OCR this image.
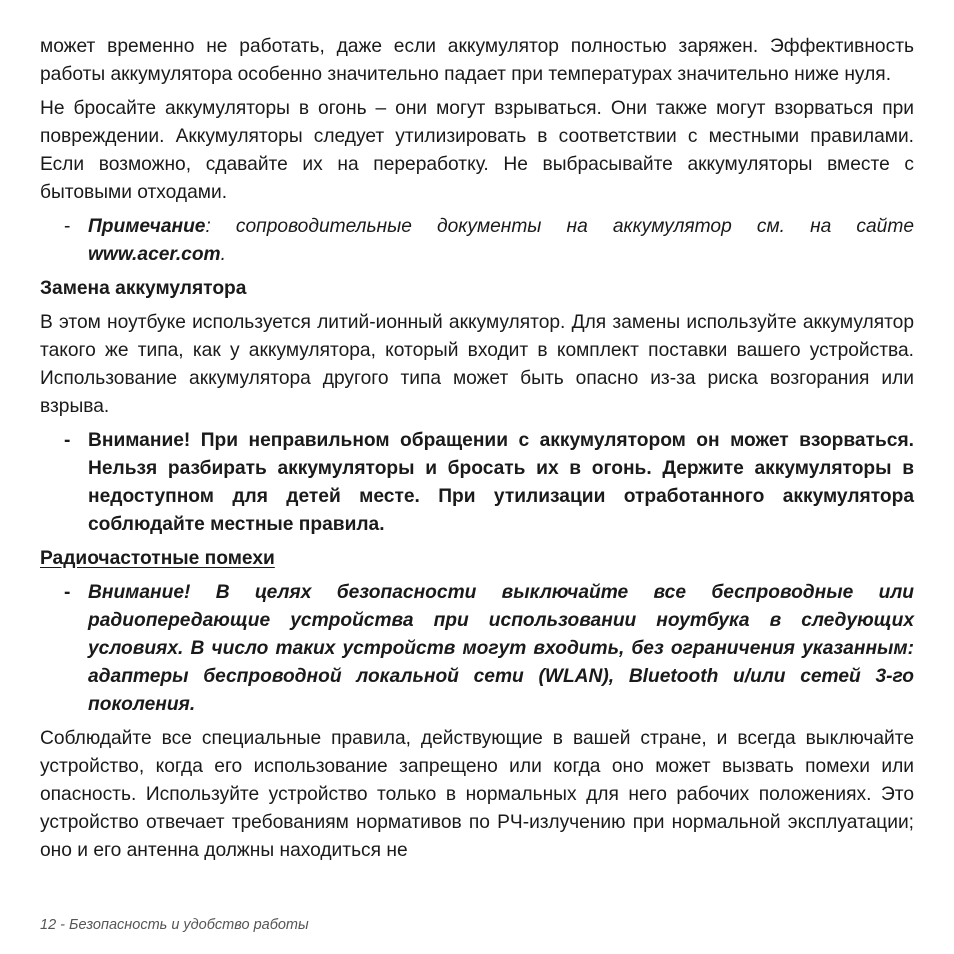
может временно не работать, даже если аккумулятор полностью заряжен. Эффективность работы аккумулятора особенно значительно падает при температурах значительно ниже нуля.

Не бросайте аккумуляторы в огонь – они могут взрываться. Они также могут взорваться при повреждении. Аккумуляторы следует утилизировать в соответствии с местными правилами. Если возможно, сдавайте их на переработку. Не выбрасывайте аккумуляторы вместе с бытовыми отходами.

- Примечание: сопроводительные документы на аккумулятор см. на сайте www.acer.com.
Замена аккумулятора

В этом ноутбуке используется литий-ионный аккумулятор. Для замены используйте аккумулятор такого же типа, как у аккумулятора, который входит в комплект поставки вашего устройства. Использование аккумулятора другого типа может быть опасно из-за риска возгорания или взрыва.

- Внимание! При неправильном обращении с аккумулятором он может взорваться. Нельзя разбирать аккумуляторы и бросать их в огонь. Держите аккумуляторы в недоступном для детей месте. При утилизации отработанного аккумулятора соблюдайте местные правила.
Радиочастотные помехи
- Внимание! В целях безопасности выключайте все беспроводные или радиопередающие устройства при использовании ноутбука в следующих условиях. В число таких устройств могут входить, без ограничения указанным: адаптеры беспроводной локальной сети (WLAN), Bluetooth и/или сетей 3-го поколения.

Соблюдайте все специальные правила, действующие в вашей стране, и всегда выключайте устройство, когда его использование запрещено или когда оно может вызвать помехи или опасность. Используйте устройство только в нормальных для него рабочих положениях. Это устройство отвечает требованиям нормативов по РЧ-излучению при нормальной эксплуатации; оно и его антенна должны находиться не

12 - Безопасность и удобство работы
